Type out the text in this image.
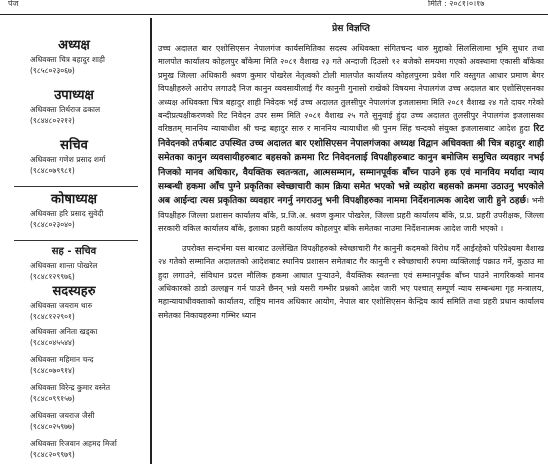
पेज	मिति : २०८१।०।१७
अध्यक्ष
अधिवक्ता चित्र बहादुर शाही
(९८५८०२३०६७)
उपाध्यक्ष
अधिवक्ता तिर्थराज ढकाल
(९८४४८०२२१२)
सचिव
अधिवक्ता गणेश प्रसाद शर्मा
(९८४८०७९९८१)
कोषाध्यक्ष
अधिवक्ता हरि प्रसाद सुवेदी
(९८४८०२३०४०)
सह - सचिव
अधिवक्ता शान्ता पोखरेल
(९८४८१२९९७६)
सदस्यहरु
अधिवक्ता जयराम थारु
(९८४८१२२९०१)
अधिवक्ता अनिता खड्का
(९८४८०४५५४४)
अधिवक्ता महिमान चन्द
(९८४८०७०९१४)
अधिवक्ता विरेन्द्र कुमार वस्नेत
(९८४८०९९१५७)
अधिवक्ता जयराज जैसी
(९८४८०२५९७७)
अधिवक्ता रिजवान अहमद मिर्जा
(९८४८२०९९७९)
प्रेस विज्ञप्ति

उच्च अदालत बार एशोसिएसन नेपालगंज कार्यसमितिका सदस्य अधिवक्ता संगितचन्द थारु मुद्दाको सिलसिलामा भूमि सुधार तथा मालपोत कार्यालय कोहलपुर बाँकेमा मिति २०८१ वैशाख २३ गते अन्दाजी दिउसो १२ बजेको समयमा गएको अवस्थामा एकासी बाँकेका प्रमुख जिल्ला अधिकारी श्रवण कुमार पोखरेल नेतृत्वको टोली मालपोत कार्यालय कोहलपुरमा प्रवेश गरि वस्तुगत आधार प्रमाण बेगर विपक्षीहरुले आरोप लगाउदै निज कानुन व्यवसायीलाई गैर कानुनी गुनासो राखेको विषयमा नेपालगंज उच्च अदालत बार एशोसिएसनका अध्यक्ष अधिवक्ता चित्र बहादुर शाही निवेदक भई उच्च अदालत तुलसीपुर नेपालगंज इजलासमा मिति २०८१ वैशाख २४ गते दायर गरेको बन्दीप्रत्यक्षीकरणको रिट निवेदन उपर सम्म मिति २०८१ वैशाख २५ गते सुनुवाई हुंदा उच्च अदालत तुलसीपुर नेपालगंज इजलासका वरिष्ठतम् माननिय न्यायाधीश श्री चन्द्र बहादुर सारु र माननिय न्यायाधीश श्री पुनम सिंह चन्दको संयुक्त इजलासबाट आदेश हुदा रिट निवेदनको तर्फबाट उपस्थित उच्च अदालत बार एशोसिएसन नेपालगंजका अध्यक्ष विद्वान अधिवक्ता श्री चित्र बहादुर शाही समेतका कानुन व्यवसायीहरुबाट बहसको क्रममा रिट निवेदनलाई विपक्षीहरुबाट कानुन बमोजिम समुचित व्यवहार नभई निजको मानव अधिकार, वैयक्तिक स्वतन्त्रता, आत्मसम्मान, सम्मानपूर्वक बाँच्न पाउने हक एवं मानविय मर्यादा न्याय सम्बन्धी हकमा आँच पुग्ने प्रकृतिका स्वेच्छाचारी काम क्रिया समेत भएको भन्ने व्यहोरा बहसको क्रममा उठाउनु भएकोले अब आईन्दा त्यस प्रकृतिका व्यवहार नगर्नु नगराउनु भनी विपक्षीहरुका नाममा निर्देशनात्मक आदेश जारी हुने ठहर्छ। भनी विपक्षीहरु जिल्ला प्रशासन कार्यालय बाँके, प्र.जि.अ. श्रवण कुमार पोखरेल, जिल्ला प्रहरी कार्यालय बाँके, प्र.प्र. प्रहरी उपरीक्षक, जिल्ला सरकारी वकिल कार्यालय बाँके, इलाका प्रहरी कार्यालय कोहलपुर बाँके समेतका नाउमा निर्देशनात्मक आदेश जारी भएको ।

उपरोक्त सन्दर्भमा यस बारबाट उल्लेखित विपक्षीहरुको स्वेच्छाचारी गैर कानुनी कदमको विरोध गर्दै आईरहेको परिप्रेक्ष्यमा वैशाख २४ गतेको सम्मानित अदालतको आदेशबाट स्थानिय प्रशासन समेतबाट गैर कानुनी र स्वेच्छाचारी रुपमा व्यक्तिलाई पक्राउ गर्ने, कुठाउ मा हुदा लगाउने, संविधान प्रदत्त मौलिक हकमा आघात पुऱ्याउने, वैयक्तिक स्वतन्त्ता एवं सम्मानपूर्वक बाँच्न पाउने नागरिकको मानव अधिकारको ठाडो उल्लङ्घन गर्न पाउने छैनन् भन्ने यसरी गम्भीर प्रश्नको आदेश जारी भए पश्चात् सम्पूर्ण न्याय सम्बन्धमा गृह मन्त्रालय, महान्यायाधीवक्ताको कार्यालय, राष्ट्रिय मानव अधिकार आयोग, नेपाल बार एशोसिएसन केन्द्रिय कार्य समिति तथा प्रहरी प्रधान कार्यालय समेतका निकायहरुमा गम्भिर ध्यान
